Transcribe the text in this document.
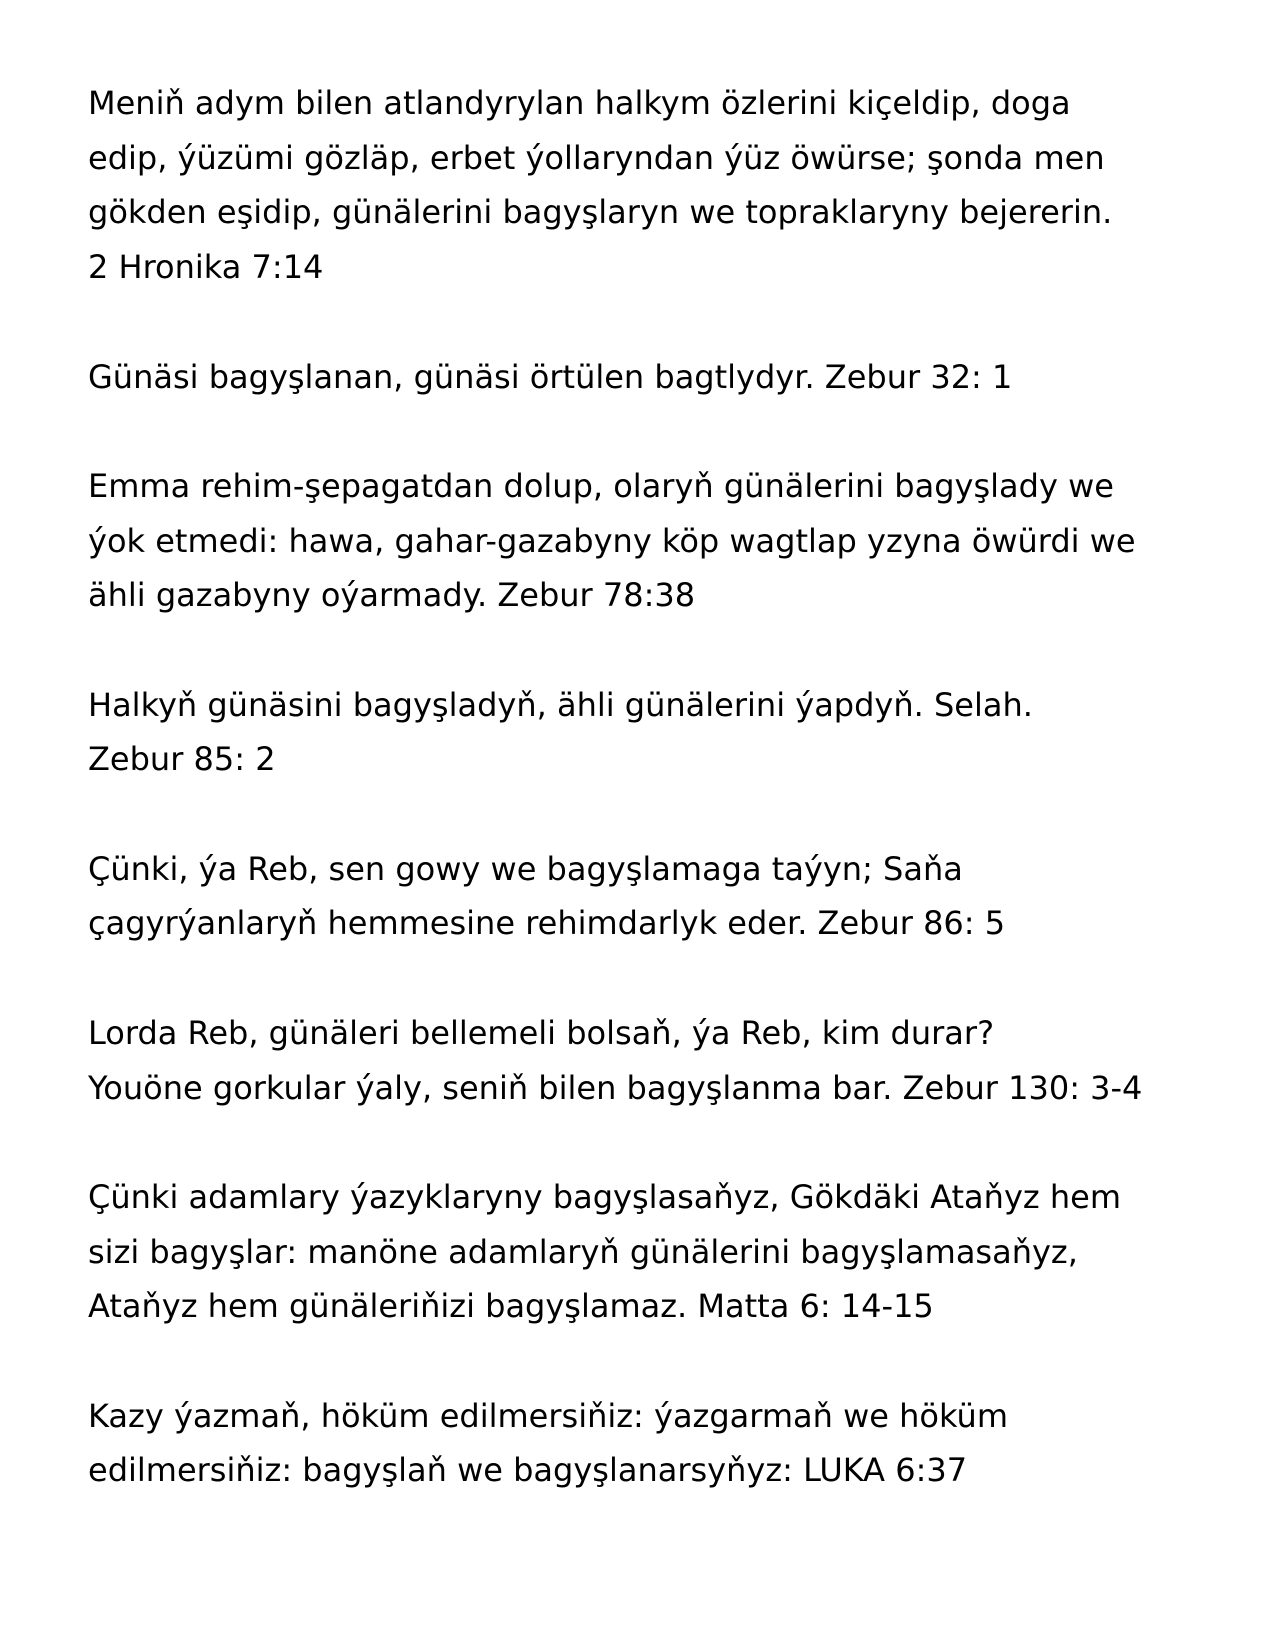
Meniň adym bilen atlandyrylan halkym özlerini kiçeldip, doga
edip, ýüzümi gözläp, erbet ýollaryndan ýüz öwürse; şonda men
gökden eşidip, günälerini bagyşlaryn we topraklaryny bejererin.
2 Hronika 7:14
Günäsi bagyşlanan, günäsi örtülen bagtlydyr. Zebur 32: 1
Emma rehim-şepagatdan dolup, olaryň günälerini bagyşlady we
ýok etmedi: hawa, gahar-gazabyny köp wagtlap yzyna öwürdi we
ähli gazabyny oýarmady. Zebur 78:38
Halkyň günäsini bagyşladyň, ähli günälerini ýapdyň. Selah.
Zebur 85: 2
Çünki, ýa Reb, sen gowy we bagyşlamaga taýyn; Saňa
çagyrýanlaryň hemmesine rehimdarlyk eder. Zebur 86: 5
Lorda Reb, günäleri bellemeli bolsaň, ýa Reb, kim durar?
Youöne gorkular ýaly, seniň bilen bagyşlanma bar. Zebur 130: 3-4
Çünki adamlary ýazyklaryny bagyşlasaňyz, Gökdäki Ataňyz hem
sizi bagyşlar: manöne adamlaryň günälerini bagyşlamasaňyz,
Ataňyz hem günäleriňizi bagyşlamaz. Matta 6: 14-15
Kazy ýazmaň, höküm edilmersiňiz: ýazgarmaň we höküm
edilmersiňiz: bagyşlaň we bagyşlanarsyňyz: LUKA 6:37
